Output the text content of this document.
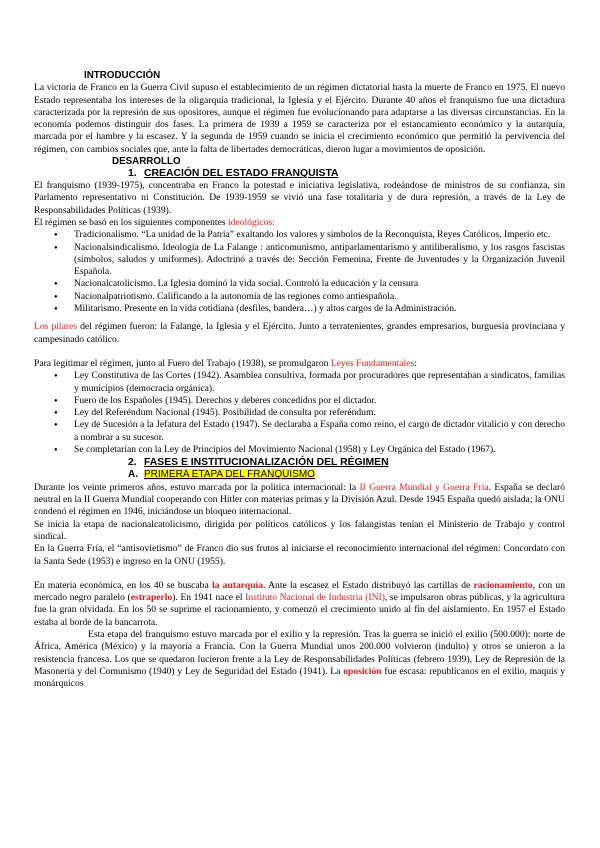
INTRODUCCIÓN

La victoria de Franco en la Guerra Civil supuso el establecimiento de un régimen dictatorial hasta la muerte de Franco en 1975. El nuevo Estado representaba los intereses de la oligarquía tradicional, la Iglesia y el Ejército. Durante 40 años el franquismo fue una dictadura caracterizada por la represión de sus opositores, aunque el régimen fue evolucionando para adaptarse a las diversas circunstancias. En la economía podemos distinguir dos fases. La primera de 1939 a 1959 se caracteriza por el estancamiento económico y la autarquía, marcada por el hambre y la escasez. Y la segunda de 1959 cuando se inicia el crecimiento económico que permitió la pervivencia del régimen, con cambios sociales que, ante la falta de libertades democráticas, dieron lugar a movimientos de oposición.

DESARROLLO
1. CREACIÓN DEL ESTADO FRANQUISTA

El franquismo (1939-1975), concentraba en Franco la potestad e iniciativa legislativa, rodeándose de ministros de su confianza, sin Parlamento representativo ni Constitución. De 1939-1959 se vivió una fase totalitaria y de dura represión, a través de la Ley de Responsabilidades Políticas (1939).

El régimen se basó en los siguientes componentes ideológicos:

● Tradicionalismo. “La unidad de la Patria” exaltando los valores y símbolos de la Reconquista, Reyes Católicos, Imperio etc.
● Nacionalsindicalismo. Ideología de La Falange : anticomunismo, antiparlamentarismo y antiliberalismo, y los rasgos fascistas (símbolos, saludos y uniformes). Adoctrinó a través de: Sección Femenina, Frente de Juventudes y la Organización Juvenil Española.
● Nacionalcatolicismo. La Iglesia dominó la vida social. Controló la educación y la censura
● Nacionalpatriotismo. Calificando a la autonomía de las regiones como antiespañola.
● Militarismo. Presente en la vida cotidiana (desfiles, bandera…) y altos cargos de la Administración.

Los pilares del régimen fueron: la Falange, la Iglesia y el Ejército. Junto a terratenientes, grandes empresarios, burguesía provinciana y campesinado católico.

Para legitimar el régimen, junto al Fuero del Trabajo (1938), se promulgaron Leyes Fundamentales:

● Ley Constitutiva de las Cortes (1942). Asamblea consultiva, formada por procuradores que representaban a sindicatos, familias y municipios (democracia orgánica).
● Fuero de los Españoles (1945). Derechos y deberes concedidos por el dictador.
● Ley del Referéndum Nacional (1945). Posibilidad de consulta por referéndum.
● Ley de Sucesión a la Jefatura del Estado (1947). Se declaraba a España como reino, el cargo de dictador vitalicio y con derecho a nombrar a su sucesor.
● Se completarían con la Ley de Principios del Movimiento Nacional (1958) y Ley Orgánica del Estado (1967).
2. FASES E INSTITUCIONALIZACIÓN DEL RÉGIMEN
A. PRIMERA ETAPA DEL FRANQUISMO

Durante los veinte primeros años, estuvo marcada por la política internacional: la II Guerra Mundial y Guerra Fría. España se declaró neutral en la II Guerra Mundial cooperando con Hitler con materias primas y la División Azul. Desde 1945 España quedó aislada; la ONU condenó el régimen en 1946, iniciándose un bloqueo internacional.

Se inicia la etapa de nacionalcatolicismo, dirigida por políticos católicos y los falangistas tenían el Ministerio de Trabajo y control sindical.

En la Guerra Fría, el “antisovietismo” de Franco dio sus frutos al iniciarse el reconocimiento internacional del régimen: Concordato con la Santa Sede (1953) e ingreso en la ONU (1955).

En materia económica, en los 40 se buscaba la autarquía. Ante la escasez el Estado distribuyó las cartillas de racionamiento, con un mercado negro paralelo (estraperlo). En 1941 nace el Instituto Nacional de Industria (INI), se impulsaron obras públicas, y la agricultura fue la gran olvidada. En los 50 se suprime el racionamiento, y comenzó el crecimiento unido al fin del aislamiento. En 1957 el Estado estaba al borde de la bancarrota.

Esta etapa del franquismo estuvo marcada por el exilio y la represión. Tras la guerra se inició el exilio (500.000): norte de África, América (México) y la mayoría a Francia. Con la Guerra Mundial unos 200.000 volvieron (indulto) y otros se unieron a la resistencia francesa. Los que se quedaron lucieron frente a la Ley de Responsabilidades Políticas (febrero 1939), Ley de Represión de la Masonería y del Comunismo (1940) y Ley de Seguridad del Estado (1941). La oposición fue escasa: republicanos en el exilio, maquis y monárquicos
